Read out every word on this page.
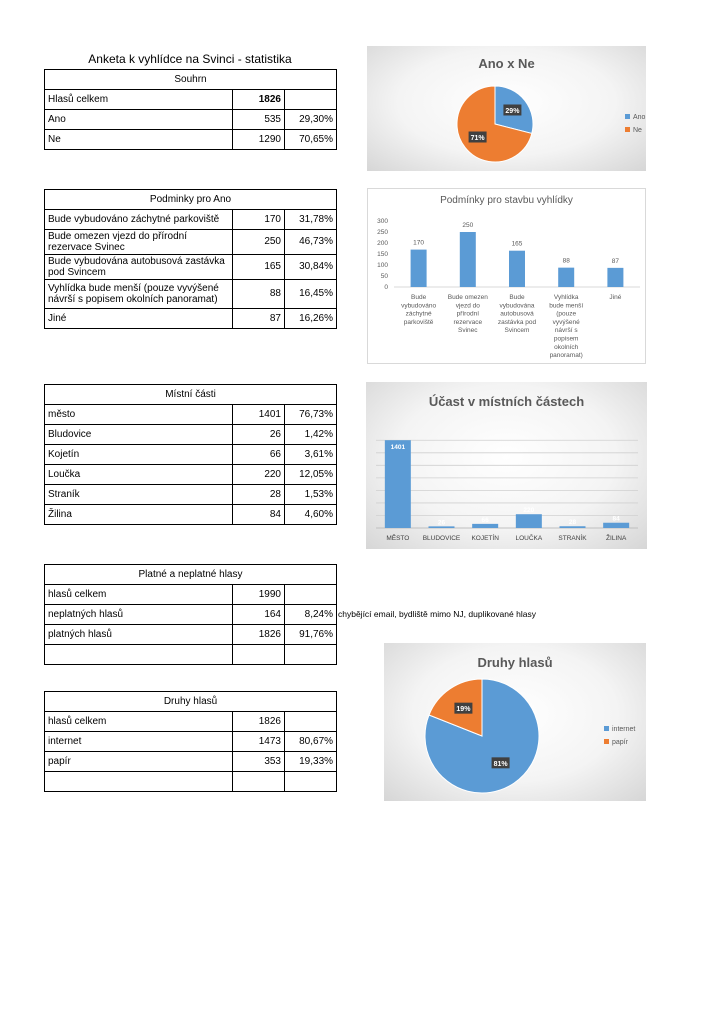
Anketa k vyhlídce na Svinci - statistika
Souhrn		
Hlasů celkem	1826	
Ano	535	29,30%
Ne	1290	70,65%
Podminky pro Ano		
Bude vybudováno záchytné parkoviště	170	31,78%
Bude omezen vjezd do přírodní rezervace Svinec	250	46,73%
Bude vybudována autobusová zastávka pod Svincem	165	30,84%
Vyhlídka bude menší (pouze vyvýšené návrší s popisem okolních panoramat)	88	16,45%
Jiné	87	16,26%
Místní části		
město	1401	76,73%
Bludovice	26	1,42%
Kojetín	66	3,61%
Loučka	220	12,05%
Straník	28	1,53%
Žilina	84	4,60%
Platné a neplatné hlasy		
hlasů celkem	1990	
neplatných hlasů	164	8,24%
platných hlasů	1826	91,76%

chybějící email, bydliště mimo NJ, duplikované hlasy
Druhy hlasů		
hlasů celkem	1826	
internet	1473	80,67%
papír	353	19,33%

Ano x Ne
29%
71%
Ano
Ne
Podmínky pro stavbu vyhlídky
0
50
100
150
200
250
300
170
250
165
88	87
Bude vybudováno záchytné parkoviště
Bude omezen vjezd do přírodní rezervace Svinec
Bude vybudována autobusová zastávka pod Svincem
Vyhlídka bude menší (pouze vyvýšené návrší s popisem okolních panoramat)
Jiné
Účast v místních částech
1401
26	66
220
28
84
MĚSTO BLUDOVICE KOJETÍN	LOUČKA STRANÍK	ŽILINA
Druhy hlasů
81%
19%
internet
papír
